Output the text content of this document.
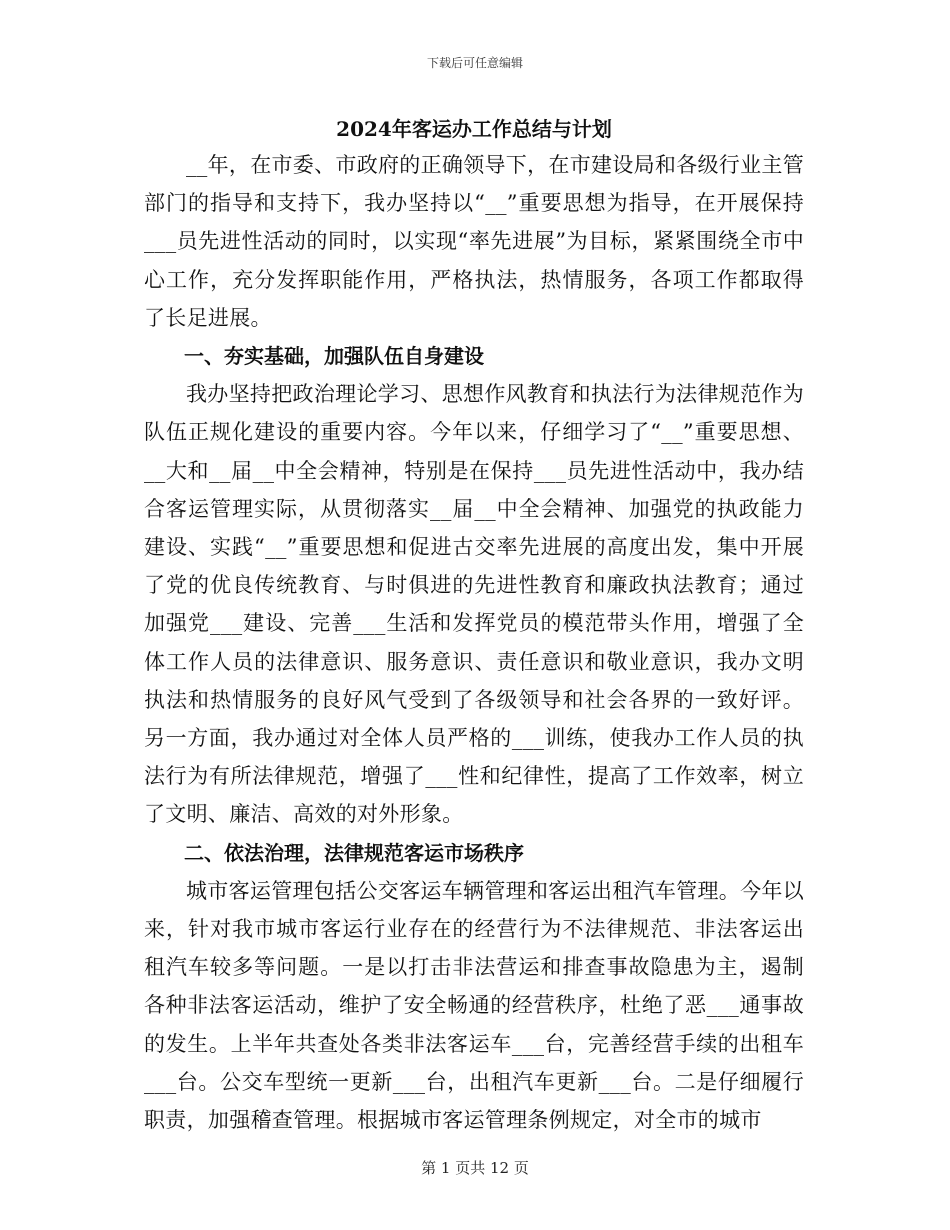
下载后可任意编辑
2024年客运办工作总结与计划

__年，在市委、市政府的正确领导下，在市建设局和各级行业主管部门的指导和支持下，我办坚持以“__”重要思想为指导，在开展保持___员先进性活动的同时，以实现“率先进展”为目标，紧紧围绕全市中心工作，充分发挥职能作用，严格执法，热情服务，各项工作都取得了长足进展。

一、夯实基础，加强队伍自身建设

我办坚持把政治理论学习、思想作风教育和执法行为法律规范作为队伍正规化建设的重要内容。今年以来，仔细学习了“__”重要思想、__大和__届__中全会精神，特别是在保持___员先进性活动中，我办结合客运管理实际，从贯彻落实__届__中全会精神、加强党的执政能力建设、实践“__”重要思想和促进古交率先进展的高度出发，集中开展了党的优良传统教育、与时俱进的先进性教育和廉政执法教育；通过加强党___建设、完善___生活和发挥党员的模范带头作用，增强了全体工作人员的法律意识、服务意识、责任意识和敬业意识，我办文明执法和热情服务的良好风气受到了各级领导和社会各界的一致好评。另一方面，我办通过对全体人员严格的___训练，使我办工作人员的执法行为有所法律规范，增强了___性和纪律性，提高了工作效率，树立了文明、廉洁、高效的对外形象。

二、依法治理，法律规范客运市场秩序

城市客运管理包括公交客运车辆管理和客运出租汽车管理。今年以来，针对我市城市客运行业存在的经营行为不法律规范、非法客运出租汽车较多等问题。一是以打击非法营运和排查事故隐患为主，遏制各种非法客运活动，维护了安全畅通的经营秩序，杜绝了恶___通事故的发生。上半年共查处各类非法客运车___台，完善经营手续的出租车___台。公交车型统一更新___台，出租汽车更新___台。二是仔细履行职责，加强稽查管理。根据城市客运管理条例规定，对全市的城市

第 1 页共 12 页
